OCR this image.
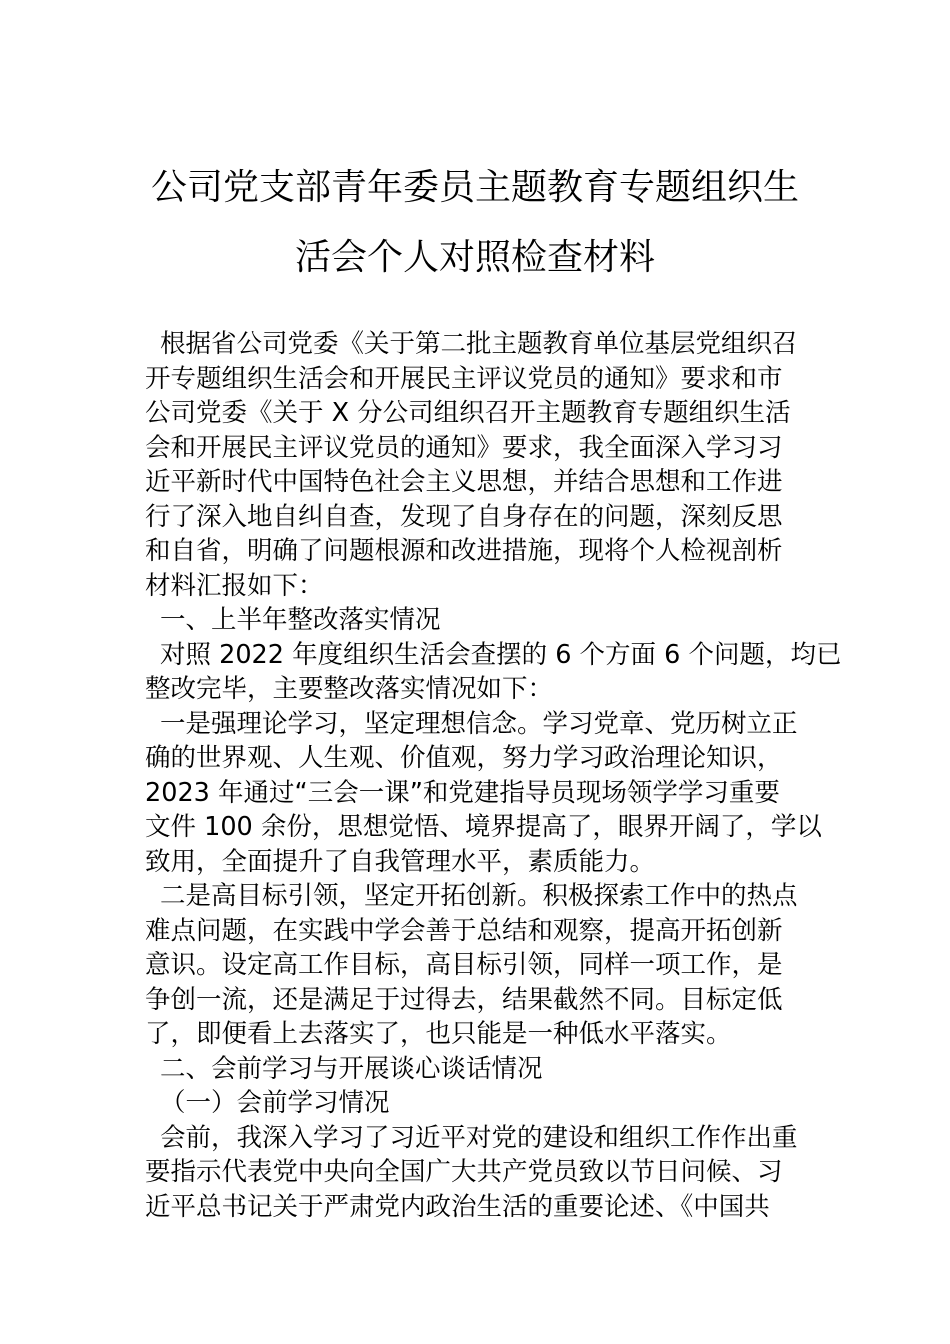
公司党支部青年委员主题教育专题组织生
活会个人对照检查材料
根据省公司党委《关于第二批主题教育单位基层党组织召
开专题组织生活会和开展民主评议党员的通知》要求和市
公司党委《关于 X 分公司组织召开主题教育专题组织生活
会和开展民主评议党员的通知》要求，我全面深入学习习
近平新时代中国特色社会主义思想，并结合思想和工作进
行了深入地自纠自查，发现了自身存在的问题，深刻反思
和自省，明确了问题根源和改进措施，现将个人检视剖析
材料汇报如下：
一、上半年整改落实情况
对照 2022 年度组织生活会查摆的 6 个方面 6 个问题，均已
整改完毕，主要整改落实情况如下：
一是强理论学习，坚定理想信念。学习党章、党历树立正
确的世界观、人生观、价值观，努力学习政治理论知识，
2023 年通过“三会一课”和党建指导员现场领学学习重要
文件 100 余份，思想觉悟、境界提高了，眼界开阔了，学以
致用，全面提升了自我管理水平，素质能力。
二是高目标引领，坚定开拓创新。积极探索工作中的热点
难点问题，在实践中学会善于总结和观察，提高开拓创新
意识。设定高工作目标，高目标引领，同样一项工作，是
争创一流，还是满足于过得去，结果截然不同。目标定低
了，即便看上去落实了，也只能是一种低水平落实。
二、会前学习与开展谈心谈话情况
（一）会前学习情况
会前，我深入学习了习近平对党的建设和组织工作作出重
要指示代表党中央向全国广大共产党员致以节日问候、习
近平总书记关于严肃党内政治生活的重要论述、《中国共
